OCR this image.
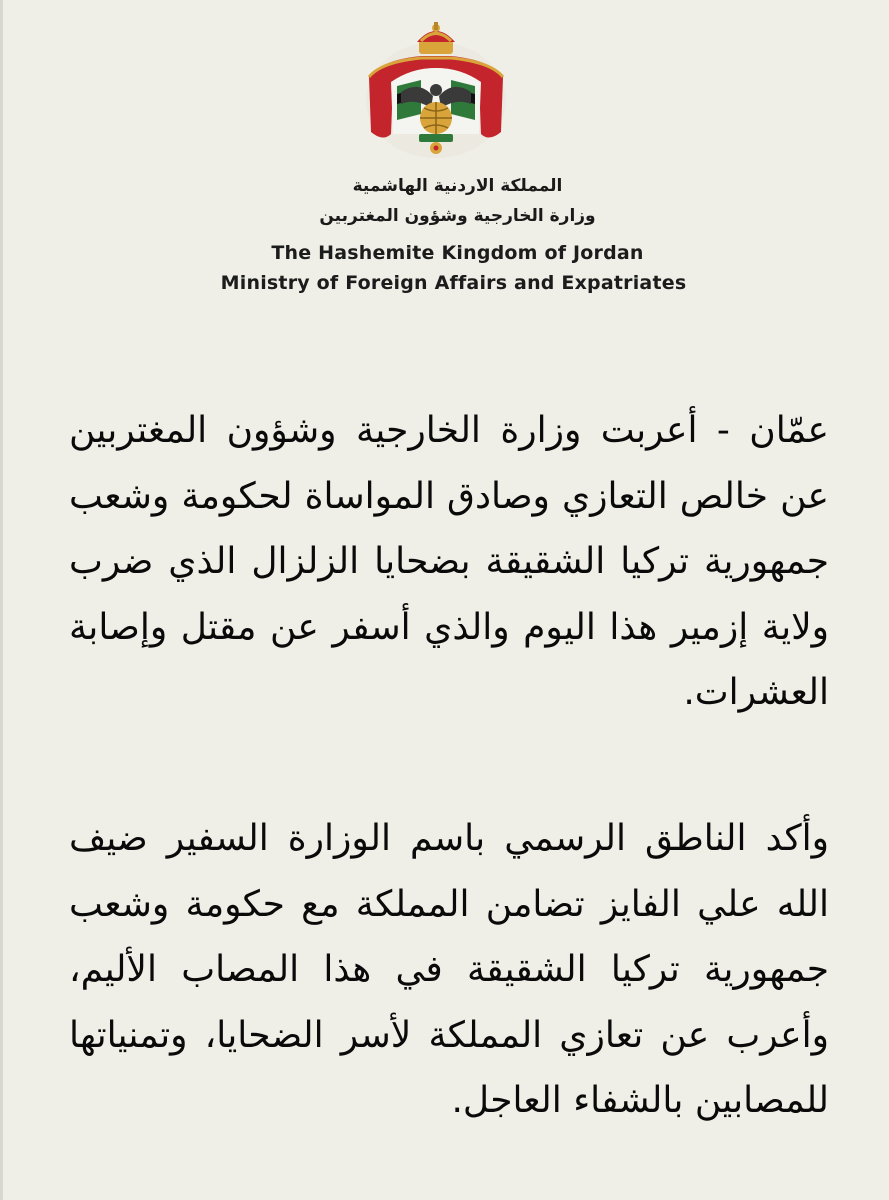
المملكة الاردنية الهاشمية
وزارة الخارجية وشؤون المغتربين
The Hashemite Kingdom of Jordan
Ministry of Foreign Affairs and Expatriates
عمّان - أعربت وزارة الخارجية وشؤون المغتربين عن خالص التعازي وصادق المواساة لحكومة وشعب جمهورية تركيا الشقيقة بضحايا الزلزال الذي ضرب ولاية إزمير هذا اليوم والذي أسفر عن مقتل وإصابة العشرات.
وأكد الناطق الرسمي باسم الوزارة السفير ضيف الله علي الفايز تضامن المملكة مع حكومة وشعب جمهورية تركيا الشقيقة في هذا المصاب الأليم، وأعرب عن تعازي المملكة لأسر الضحايا، وتمنياتها للمصابين بالشفاء العاجل.
